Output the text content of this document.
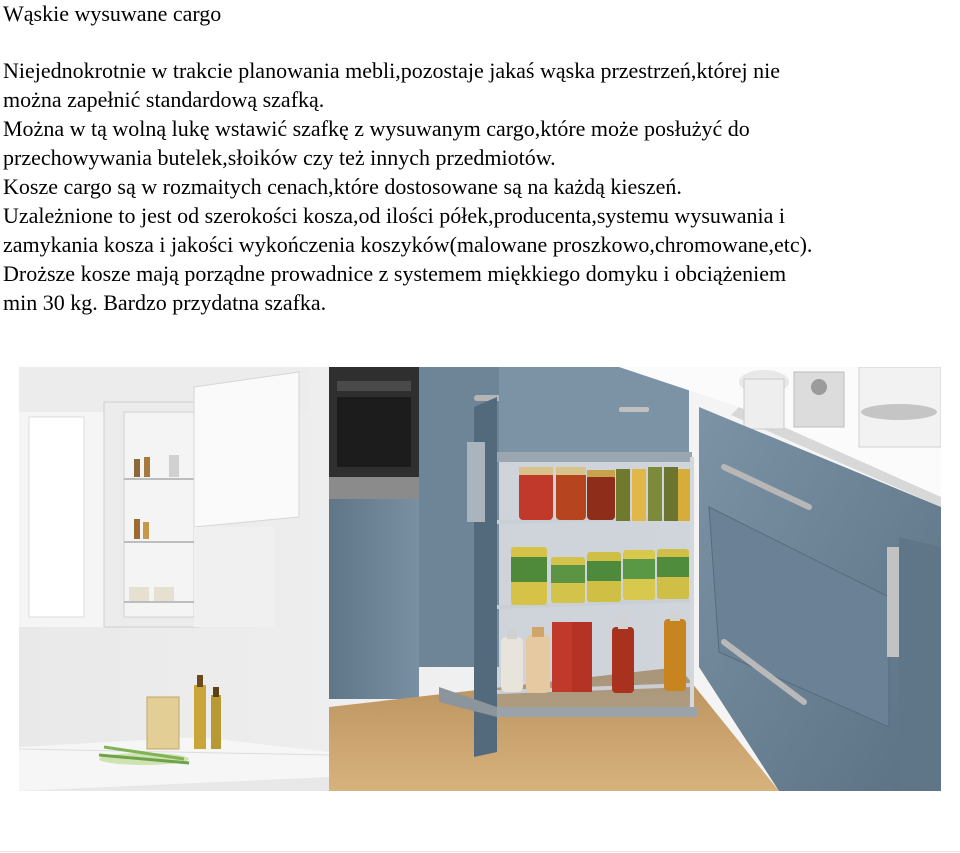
Wąskie wysuwane cargo
Niejednokrotnie w trakcie planowania mebli,pozostaje jakaś wąska przestrzeń,której nie
można zapełnić standardową szafką.
Można w tą wolną lukę wstawić szafkę z wysuwanym cargo,które może posłużyć do
przechowywania butelek,słoików czy też innych przedmiotów.
Kosze cargo są w rozmaitych cenach,które dostosowane są na każdą kieszeń.
Uzależnione to jest od szerokości kosza,od ilości półek,producenta,systemu wysuwania i
zamykania kosza i jakości wykończenia koszyków(malowane proszkowo,chromowane,etc).
Droższe kosze mają porządne prowadnice z systemem miękkiego domyku i obciążeniem
min 30 kg. Bardzo przydatna szafka.
